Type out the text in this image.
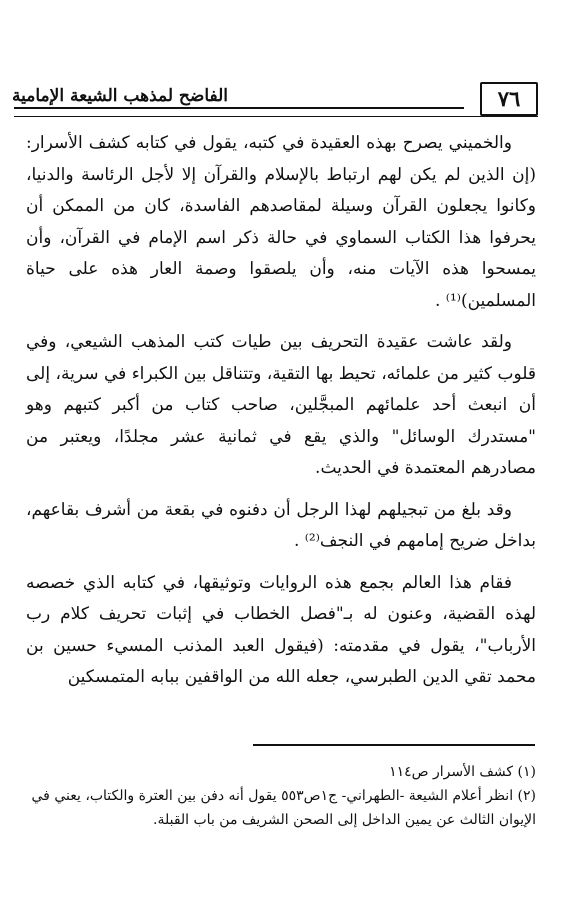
٧٦
الفاضح لمذهب الشيعة الإمامية

والخميني يصرح بهذه العقيدة في كتبه، يقول في كتابه كشف الأسرار: (إن الذين لم يكن لهم ارتباط بالإسلام والقرآن إلا لأجل الرئاسة والدنيا، وكانوا يجعلون القرآن وسيلة لمقاصدهم الفاسدة، كان من الممكن أن يحرفوا هذا الكتاب السماوي في حالة ذكر اسم الإمام في القرآن، وأن يمسحوا هذه الآيات منه، وأن يلصقوا وصمة العار هذه على حياة المسلمين)⁽¹⁾ .

ولقد عاشت عقيدة التحريف بين طيات كتب المذهب الشيعي، وفي قلوب كثير من علمائه، تحيط بها التقية، وتتناقل بين الكبراء في سرية، إلى أن انبعث أحد علمائهم المبجَّلين، صاحب كتاب من أكبر كتبهم وهو "مستدرك الوسائل" والذي يقع في ثمانية عشر مجلدًا، ويعتبر من مصادرهم المعتمدة في الحديث.

وقد بلغ من تبجيلهم لهذا الرجل أن دفنوه في بقعة من أشرف بقاعهم، بداخل ضريح إمامهم في النجف⁽²⁾ .

فقام هذا العالم بجمع هذه الروايات وتوثيقها، في كتابه الذي خصصه لهذه القضية، وعنون له بـ"فصل الخطاب في إثبات تحريف كلام رب الأرباب"، يقول في مقدمته: (فيقول العبد المذنب المسيء حسين بن محمد تقي الدين الطبرسي، جعله الله من الواقفين ببابه المتمسكين

(١) كشف الأسرار ص١١٤

(٢) انظر أعلام الشيعة -الطهراني- ج١ص٥٥٣ يقول أنه دفن بين العترة والكتاب، يعني في الإيوان الثالث عن يمين الداخل إلى الصحن الشريف من باب القبلة.
